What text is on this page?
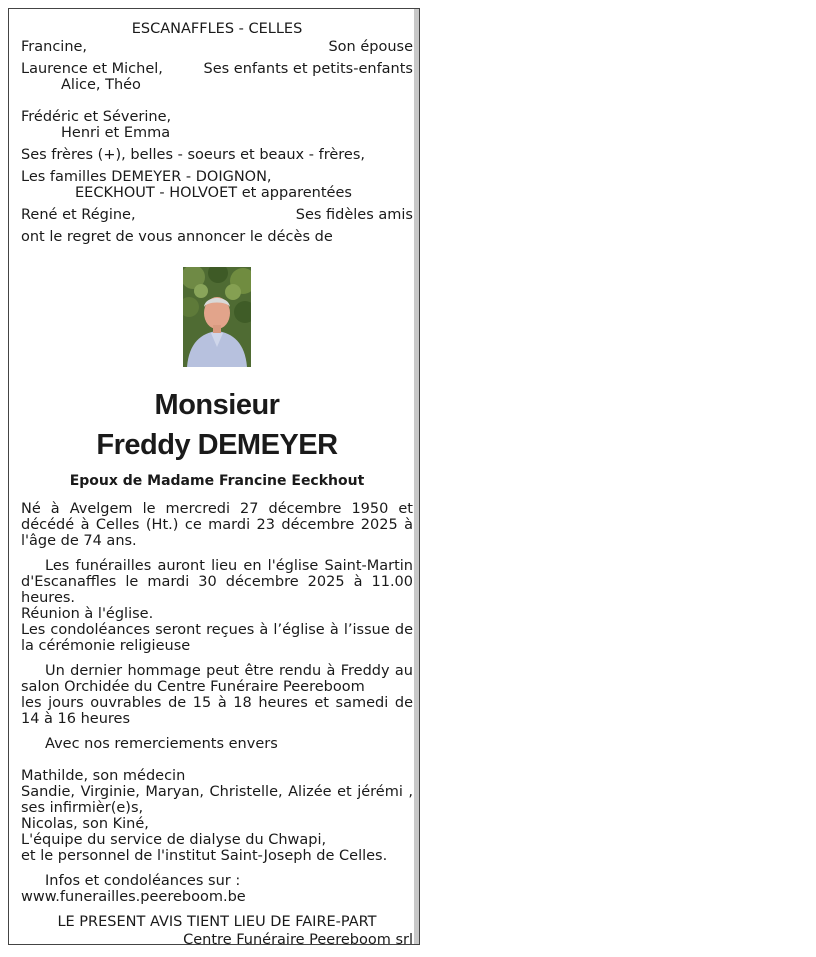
ESCANAFFLES - CELLES
Francine,	Son épouse
Laurence et Michel,	Ses enfants et petits-enfants
Alice, Théo
Frédéric et Séverine,
Henri et Emma
Ses frères (+), belles - soeurs et beaux - frères,
Les familles DEMEYER - DOIGNON,
EECKHOUT - HOLVOET et apparentées
René et Régine,	Ses fidèles amis
ont le regret de vous annoncer le décès de
Monsieur
Freddy DEMEYER
Epoux de Madame Francine Eeckhout
Né à Avelgem le mercredi 27 décembre 1950 et décédé à Celles (Ht.) ce mardi 23 décembre 2025 à l'âge de 74 ans.
Les funérailles auront lieu en l'église Saint-Martin d'Escanaffles le mardi 30 décembre 2025 à 11.00 heures.
Réunion à l'église.
Les condoléances seront reçues à l’église à l’issue de la cérémonie religieuse
Un dernier hommage peut être rendu à Freddy au salon Orchidée du Centre Funéraire Peereboom
les jours ouvrables de 15 à 18 heures et samedi de 14 à 16 heures
Avec nos remerciements envers
Mathilde, son médecin
Sandie, Virginie, Maryan, Christelle, Alizée et jérémi , ses infirmièr(e)s,
Nicolas, son Kiné,
L'équipe du service de dialyse du Chwapi,
et le personnel de l'institut Saint-Joseph de Celles.
Infos et condoléances sur :
www.funerailles.peereboom.be
LE PRESENT AVIS TIENT LIEU DE FAIRE-PART
Centre Funéraire Peereboom srl
